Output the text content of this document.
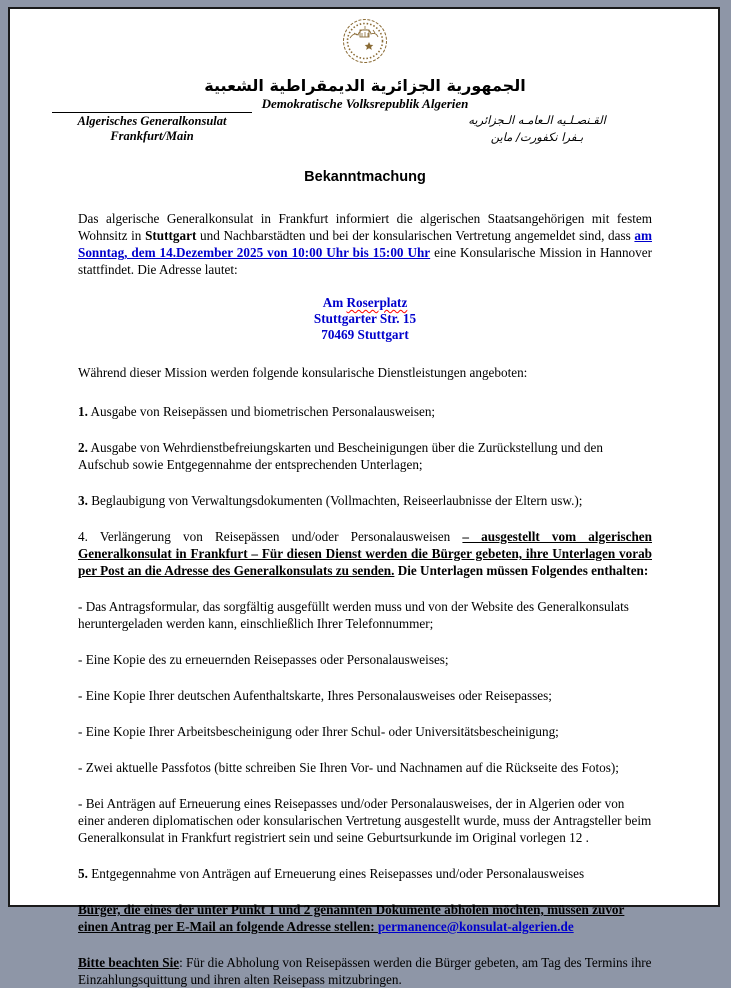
الجمهورية الجزائرية الديمقراطية الشعبية
Demokratische Volksrepublik Algerien
Algerisches Generalkonsulat
Frankfurt/Main
القـنصـلـيه الـعامـه الـجزائريه
بـفرا نكفورت/ ماين
Bekanntmachung

Das algerische Generalkonsulat in Frankfurt informiert die algerischen Staatsangehörigen mit festem Wohnsitz in Stuttgart und Nachbarstädten und bei der konsularischen Vertretung angemeldet sind, dass am Sonntag, dem 14.Dezember 2025 von 10:00 Uhr bis 15:00 Uhr eine Konsularische Mission in Hannover stattfindet. Die Adresse lautet:

Am Roserplatz
Stuttgarter Str. 15
70469 Stuttgart

Während dieser Mission werden folgende konsularische Dienstleistungen angeboten:

1. Ausgabe von Reisepässen und biometrischen Personalausweisen;

2. Ausgabe von Wehrdienstbefreiungskarten und Bescheinigungen über die Zurückstellung und den Aufschub sowie Entgegennahme der entsprechenden Unterlagen;

3. Beglaubigung von Verwaltungsdokumenten (Vollmachten, Reiseerlaubnisse der Eltern usw.);

4. Verlängerung von Reisepässen und/oder Personalausweisen – ausgestellt vom algerischen Generalkonsulat in Frankfurt – Für diesen Dienst werden die Bürger gebeten, ihre Unterlagen vorab per Post an die Adresse des Generalkonsulats zu senden. Die Unterlagen müssen Folgendes enthalten:

- Das Antragsformular, das sorgfältig ausgefüllt werden muss und von der Website des Generalkonsulats heruntergeladen werden kann, einschließlich Ihrer Telefonnummer;

- Eine Kopie des zu erneuernden Reisepasses oder Personalausweises;

- Eine Kopie Ihrer deutschen Aufenthaltskarte, Ihres Personalausweises oder Reisepasses;

- Eine Kopie Ihrer Arbeitsbescheinigung oder Ihrer Schul- oder Universitätsbescheinigung;

- Zwei aktuelle Passfotos (bitte schreiben Sie Ihren Vor- und Nachnamen auf die Rückseite des Fotos);

- Bei Anträgen auf Erneuerung eines Reisepasses und/oder Personalausweises, der in Algerien oder von einer anderen diplomatischen oder konsularischen Vertretung ausgestellt wurde, muss der Antragsteller beim Generalkonsulat in Frankfurt registriert sein und seine Geburtsurkunde im Original vorlegen 12 .

5. Entgegennahme von Anträgen auf Erneuerung eines Reisepasses und/oder Personalausweises

Bürger, die eines der unter Punkt 1 und 2 genannten Dokumente abholen möchten, müssen zuvor einen Antrag per E-Mail an folgende Adresse stellen: permanence@konsulat-algerien.de

Bitte beachten Sie: Für die Abholung von Reisepässen werden die Bürger gebeten, am Tag des Termins ihre Einzahlungsquittung und ihren alten Reisepass mitzubringen.
